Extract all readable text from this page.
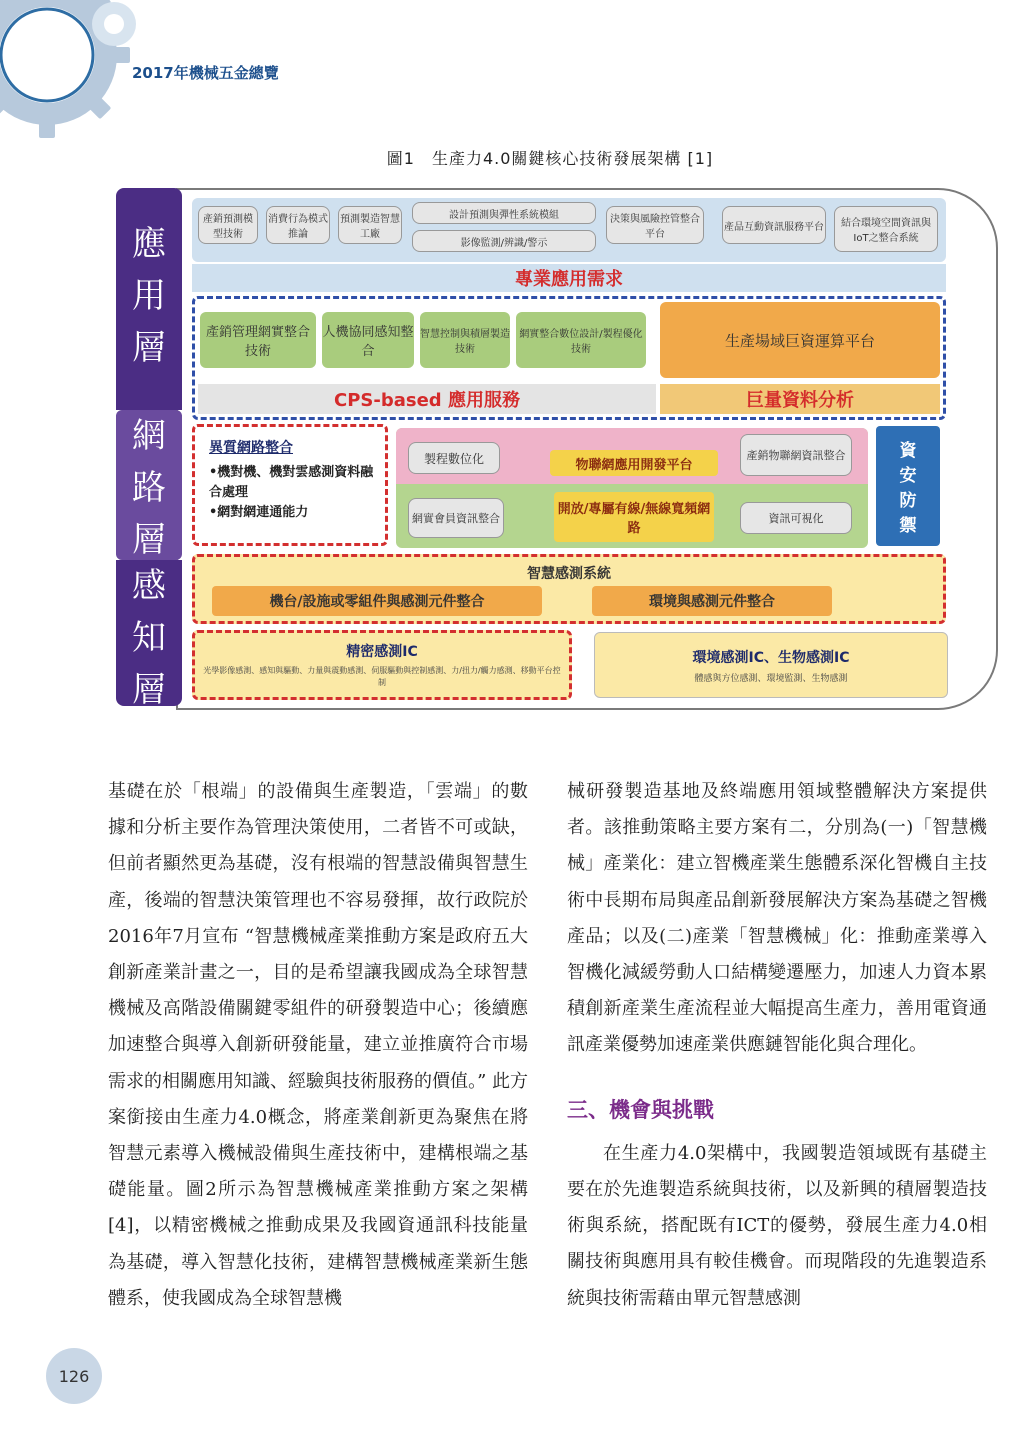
2017年機械五金總覽
圖1　生產力4.0關鍵核心技術發展架構 [1]
應用層
網路層
感知層
產銷預測模型技術
消費行為模式推論
預測製造智慧工廠
設計預測與彈性系統模組
影像監測/辨識/警示
決策與風險控管整合平台
產品互動資訊服務平台	結合環境空間資訊與IoT之整合系統
專業應用需求
產銷管理網實整合技術
人機協同感知整合
智慧控制與積層製造技術
網實整合數位設計/製程優化技術	生產場域巨資運算平台
CPS-based 應用服務	巨量資料分析
異質網路整合
•機對機、機對雲感測資料融合處理
•網對網連通能力
製程數位化	物聯網應用開發平台
產銷物聯網資訊整合
網實會員資訊整合
開放/專屬有線/無線寬頻網路
資訊可視化
資安防禦
智慧感測系統
機台/設施或零組件與感測元件整合	環境與感測元件整合
精密感測IC
光學影像感測、感知與驅動、力量與震動感測、伺服驅動與控制感測、力/扭力/觸力感測、移動平台控制
環境感測IC、生物感測IC
體感與方位感測、環境監測、生物感測

基礎在於「根端」的設備與生產製造，「雲端」的數據和分析主要作為管理決策使用，二者皆不可或缺，但前者顯然更為基礎，沒有根端的智慧設備與智慧生產，後端的智慧決策管理也不容易發揮，故行政院於2016年7月宣布 “智慧機械產業推動方案是政府五大創新產業計畫之一，目的是希望讓我國成為全球智慧機械及高階設備關鍵零組件的研發製造中心；後續應加速整合與導入創新研發能量，建立並推廣符合市場需求的相關應用知識、經驗與技術服務的價值。” 此方案銜接由生產力4.0概念，將產業創新更為聚焦在將智慧元素導入機械設備與生產技術中，建構根端之基礎能量。圖2所示為智慧機械產業推動方案之架構[4]，以精密機械之推動成果及我國資通訊科技能量為基礎，導入智慧化技術，建構智慧機械產業新生態體系，使我國成為全球智慧機

械研發製造基地及終端應用領域整體解決方案提供者。該推動策略主要方案有二，分別為(一)「智慧機械」產業化：建立智機產業生態體系深化智機自主技術中長期布局與產品創新發展解決方案為基礎之智機產品；以及(二)產業「智慧機械」化：推動產業導入智機化減緩勞動人口結構變遷壓力，加速人力資本累積創新產業生產流程並大幅提高生產力，善用電資通訊產業優勢加速產業供應鏈智能化與合理化。

三、機會與挑戰

在生產力4.0架構中，我國製造領域既有基礎主要在於先進製造系統與技術，以及新興的積層製造技術與系統，搭配既有ICT的優勢，發展生產力4.0相關技術與應用具有較佳機會。而現階段的先進製造系統與技術需藉由單元智慧感測

126
